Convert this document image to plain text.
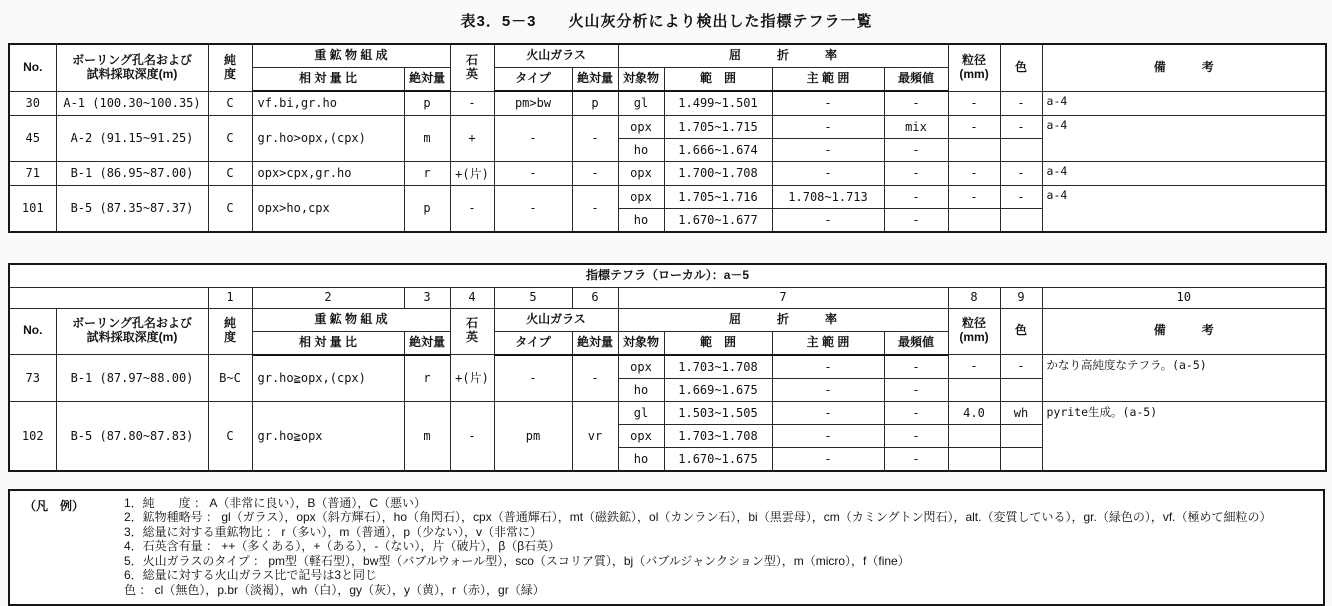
表3．5－3　　火山灰分析により検出した指標テフラ一覧
No.	ボーリング孔名および
試料採取深度(m)	純
度	重 鉱 物 組 成		石
英	火山ガラス		屈　　　折　　　率				粒径
(mm)	色	備　　　考
			相 対 量 比	絶対量		タイプ	絶対量	対象物	範　囲	主 範 囲	最頻値			
30	A-1 (100.30~100.35)	C	vf.bi,gr.ho	p	-	pm>bw	p	gl	1.499~1.501	-	-	-	-	a-4
45	A-2 (91.15~91.25)	C	gr.ho>opx,(cpx)	m	+	-	-	opx	1.705~1.715	-	mix	-	-	a-4
								ho	1.666~1.674	-	-			
71	B-1 (86.95~87.00)	C	opx>cpx,gr.ho	r	+(片)	-	-	opx	1.700~1.708	-	-	-	-	a-4
101	B-5 (87.35~87.37)	C	opx>ho,cpx	p	-	-	-	opx	1.705~1.716	1.708~1.713	-	-	-	a-4
								ho	1.670~1.677	-	-			
指標テフラ（ローカル）：a－5														
		1	2	3	4	5	6	7				8	9	10
No.	ボーリング孔名および
試料採取深度(m)	純
度	重 鉱 物 組 成		石
英	火山ガラス		屈　　　折　　　率				粒径
(mm)	色	備　　　考
			相 対 量 比	絶対量		タイプ	絶対量	対象物	範　囲	主 範 囲	最頻値			
73	B-1 (87.97~88.00)	B~C	gr.ho≧opx,(cpx)	r	+(片)	-	-	opx	1.703~1.708	-	-	-	-	かなり高純度なテフラ。(a-5)
								ho	1.669~1.675	-	-			
102	B-5 (87.80~87.83)	C	gr.ho≧opx	m	-	pm	vr	gl	1.503~1.505	-	-	4.0	wh	pyrite生成。(a-5)
								opx	1.703~1.708	-	-			
								ho	1.670~1.675	-	-			
（凡　例）	1．純　　度 ： A（非常に良い），B（普通），C（悪い）
2．鉱物種略号 ： gl（ガラス），opx（斜方輝石），ho（角閃石），cpx（普通輝石），mt（磁鉄鉱），ol（カンラン石），bi（黒雲母），cm（カミングトン閃石），alt.（変質している），gr.（緑色の），vf.（極めて細粒の）
3．総量に対する重鉱物比 ： r（多い），m（普通），p（少ない），v（非常に）
4．石英含有量 ： ++（多くある），+（ある），-（ない），片（破片），β（β石英）
5．火山ガラスのタイプ ： pm型（軽石型），bw型（バブルウォール型），sco（スコリア質），bj（バブルジャンクション型），m（micro），f（fine）
6．総量に対する火山ガラス比で記号は3と同じ
色 ： cl（無色），p.br（淡褐），wh（白），gy（灰），y（黄），r（赤），gr（緑）
